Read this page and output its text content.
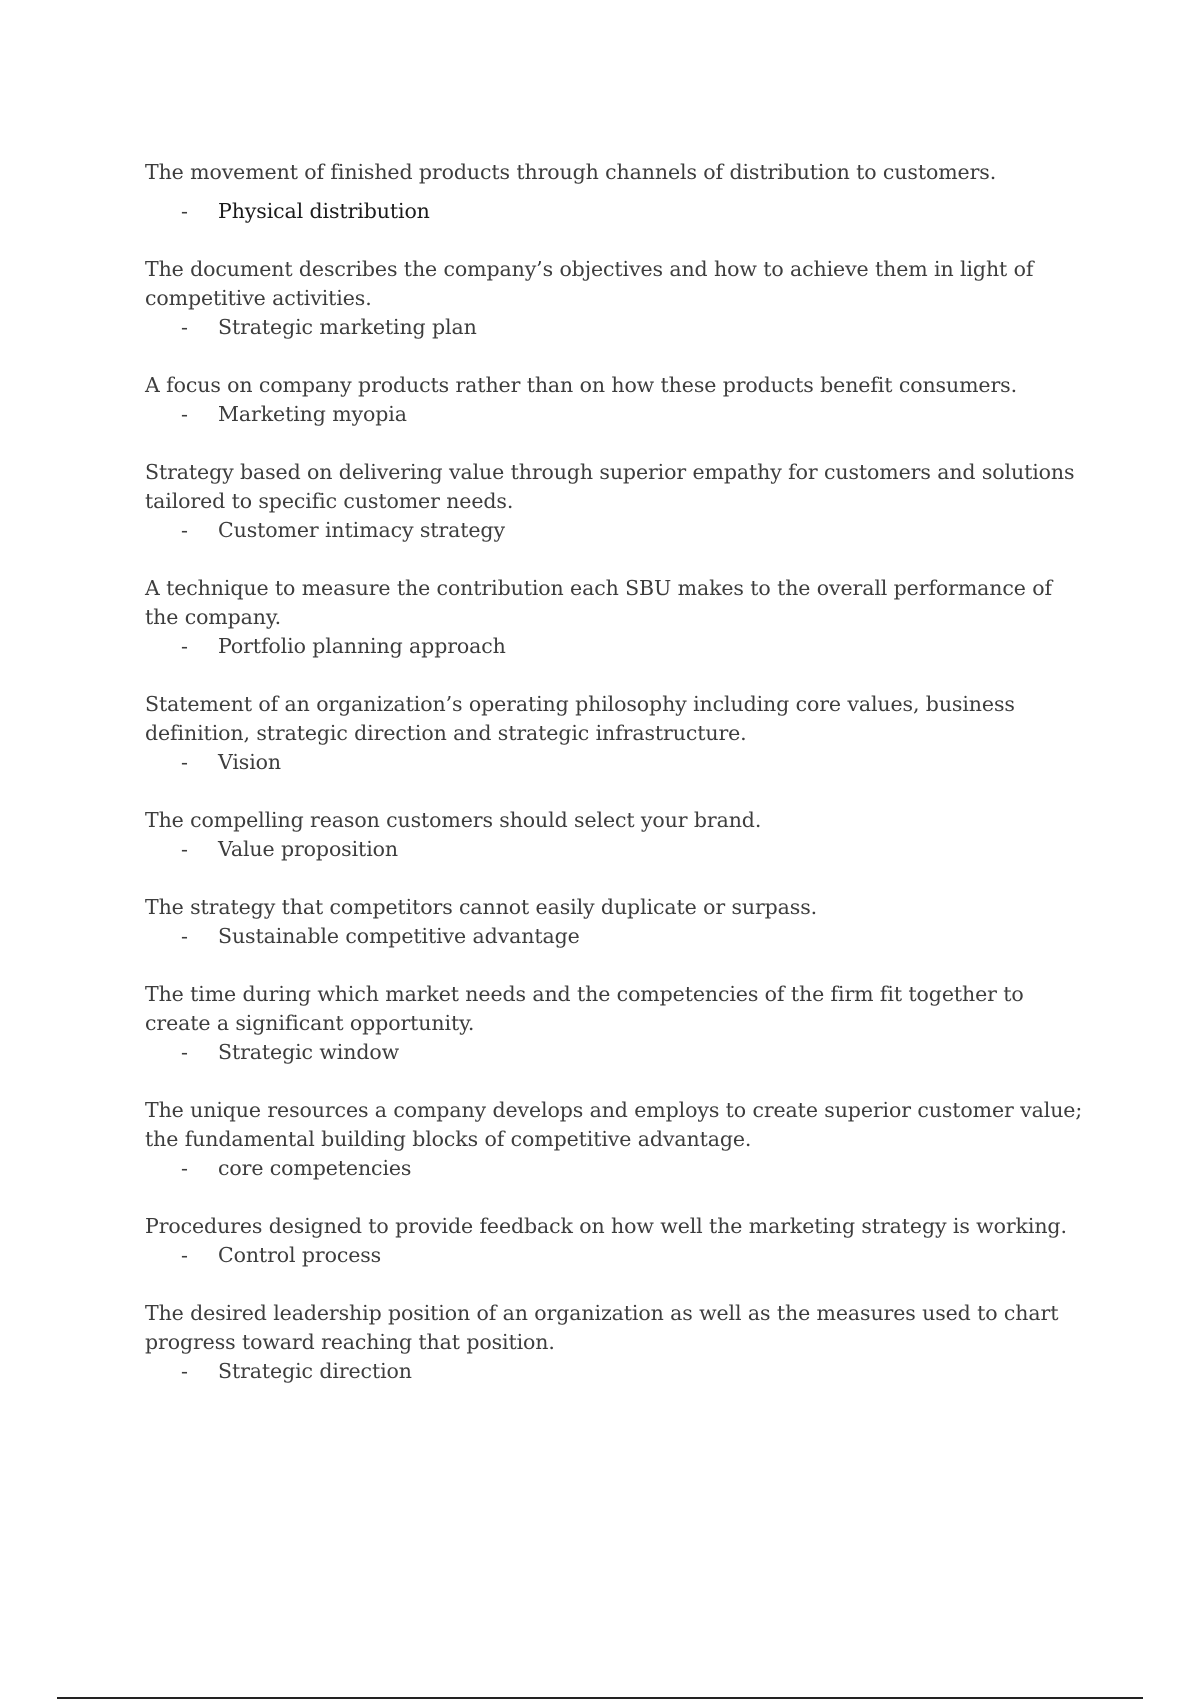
The movement of finished products through channels of distribution to customers.

- Physical distribution

The document describes the company’s objectives and how to achieve them in light of competitive activities.

- Strategic marketing plan

A focus on company products rather than on how these products benefit consumers.

- Marketing myopia

Strategy based on delivering value through superior empathy for customers and solutions tailored to specific customer needs.

- Customer intimacy strategy

A technique to measure the contribution each SBU makes to the overall performance of the company.

- Portfolio planning approach

Statement of an organization’s operating philosophy including core values, business definition, strategic direction and strategic infrastructure.

- Vision

The compelling reason customers should select your brand.

- Value proposition

The strategy that competitors cannot easily duplicate or surpass.

- Sustainable competitive advantage

The time during which market needs and the competencies of the firm fit together to create a significant opportunity.

- Strategic window

The unique resources a company develops and employs to create superior customer value; the fundamental building blocks of competitive advantage.

- core competencies

Procedures designed to provide feedback on how well the marketing strategy is working.

- Control process

The desired leadership position of an organization as well as the measures used to chart progress toward reaching that position.

- Strategic direction
